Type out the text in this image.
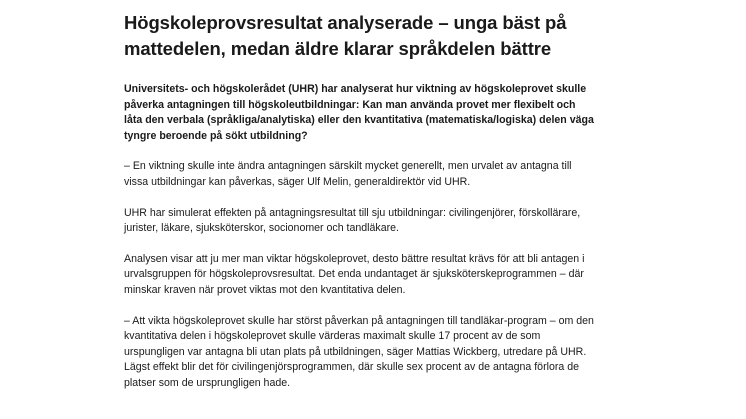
Högskoleprovsresultat analyserade – unga bäst på mattedelen, medan äldre klarar språkdelen bättre

Universitets- och högskolerådet (UHR) har analyserat hur viktning av högskoleprovet skulle påverka antagningen till högskoleutbildningar: Kan man använda provet mer flexibelt och låta den verbala (språkliga/analytiska) eller den kvantitativa (matematiska/logiska) delen väga tyngre beroende på sökt utbildning?

– En viktning skulle inte ändra antagningen särskilt mycket generellt, men urvalet av antagna till vissa utbildningar kan påverkas, säger Ulf Melin, generaldirektör vid UHR.

UHR har simulerat effekten på antagningsresultat till sju utbildningar: civilingenjörer, förskollärare, jurister, läkare, sjuksköterskor, socionomer och tandläkare.

Analysen visar att ju mer man viktar högskoleprovet, desto bättre resultat krävs för att bli antagen i urvalsgruppen för högskoleprovsresultat. Det enda undantaget är sjuksköterskeprogrammen – där minskar kraven när provet viktas mot den kvantitativa delen.

– Att vikta högskoleprovet skulle har störst påverkan på antagningen till tandläkar-program – om den kvantitativa delen i högskoleprovet skulle värderas maximalt skulle 17 procent av de som urspungligen var antagna bli utan plats på utbildningen, säger Mattias Wickberg, utredare på UHR. Lägst effekt blir det för civilingenjörsprogrammen, där skulle sex procent av de antagna förlora de platser som de ursprungligen hade.
